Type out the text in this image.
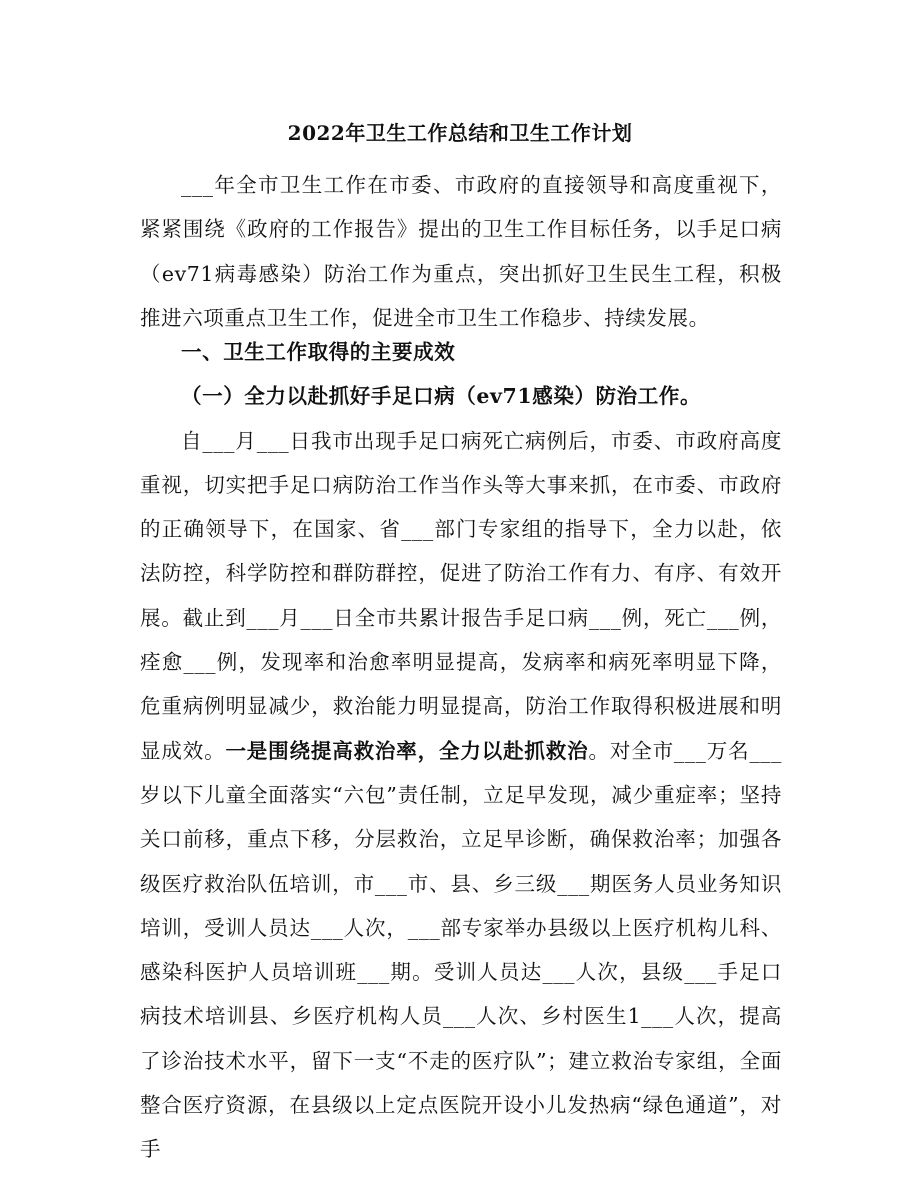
2022年卫生工作总结和卫生工作计划

___年全市卫生工作在市委、市政府的直接领导和高度重视下，紧紧围绕《政府的工作报告》提出的卫生工作目标任务，以手足口病（ev71病毒感染）防治工作为重点，突出抓好卫生民生工程，积极推进六项重点卫生工作，促进全市卫生工作稳步、持续发展。

一、卫生工作取得的主要成效

（一）全力以赴抓好手足口病（ev71感染）防治工作。

自___月___日我市出现手足口病死亡病例后，市委、市政府高度重视，切实把手足口病防治工作当作头等大事来抓，在市委、市政府的正确领导下，在国家、省___部门专家组的指导下，全力以赴，依法防控，科学防控和群防群控，促进了防治工作有力、有序、有效开展。截止到___月___日全市共累计报告手足口病___例，死亡___例，痊愈___例，发现率和治愈率明显提高，发病率和病死率明显下降，危重病例明显减少，救治能力明显提高，防治工作取得积极进展和明显成效。一是围绕提高救治率，全力以赴抓救治。对全市___万名___岁以下儿童全面落实“六包”责任制，立足早发现，减少重症率；坚持关口前移，重点下移，分层救治，立足早诊断，确保救治率；加强各级医疗救治队伍培训，市___市、县、乡三级___期医务人员业务知识培训，受训人员达___人次，___部专家举办县级以上医疗机构儿科、感染科医护人员培训班___期。受训人员达___人次，县级___手足口病技术培训县、乡医疗机构人员___人次、乡村医生1___人次，提高了诊治技术水平，留下一支“不走的医疗队”；建立救治专家组，全面整合医疗资源，在县级以上定点医院开设小儿发热病“绿色通道”，对手
